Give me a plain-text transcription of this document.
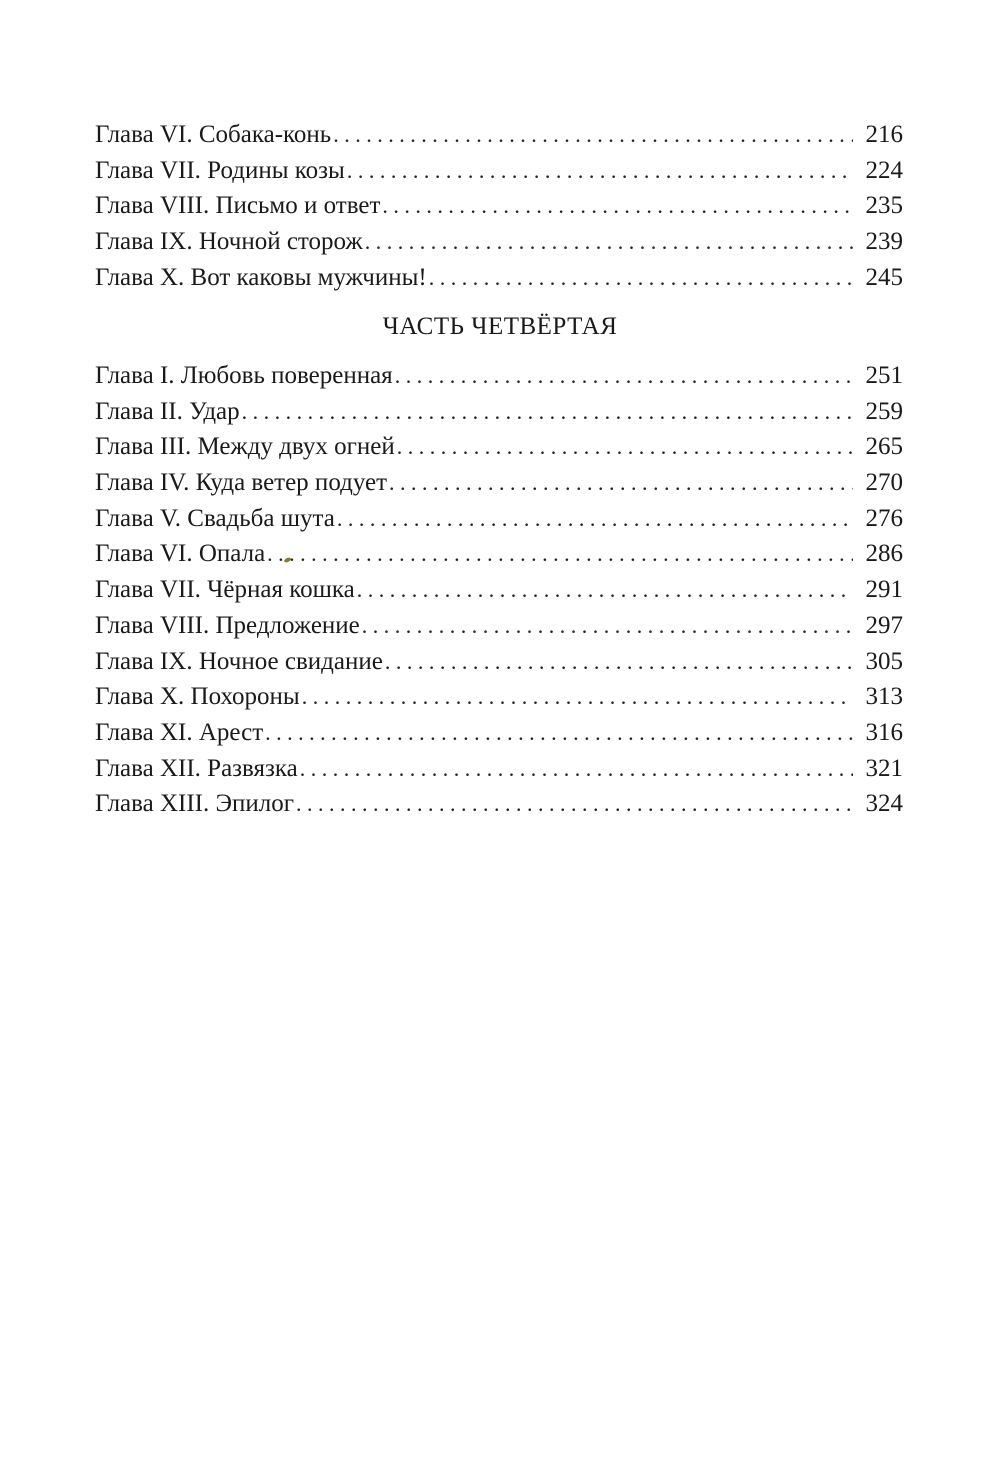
Глава VI. Собака-конь . . .	216
Глава VII. Родины козы . . .	224
Глава VIII. Письмо и ответ . . .	235
Глава IX. Ночной сторож . . .	239
Глава X. Вот каковы мужчины! . . .	245
ЧАСТЬ ЧЕТВЁРТАЯ
Глава I. Любовь поверенная . . .	251
Глава II. Удар . . .	259
Глава III. Между двух огней . . .	265
Глава IV. Куда ветер подует . . .	270
Глава V. Свадьба шута . . .	276
Глава VI. Опала . . .	286
Глава VII. Чёрная кошка . . .	291
Глава VIII. Предложение . . .	297
Глава IX. Ночное свидание . . .	305
Глава X. Похороны . . .	313
Глава XI. Арест . . .	316
Глава XII. Развязка . . .	321
Глава XIII. Эпилог . . .	324
